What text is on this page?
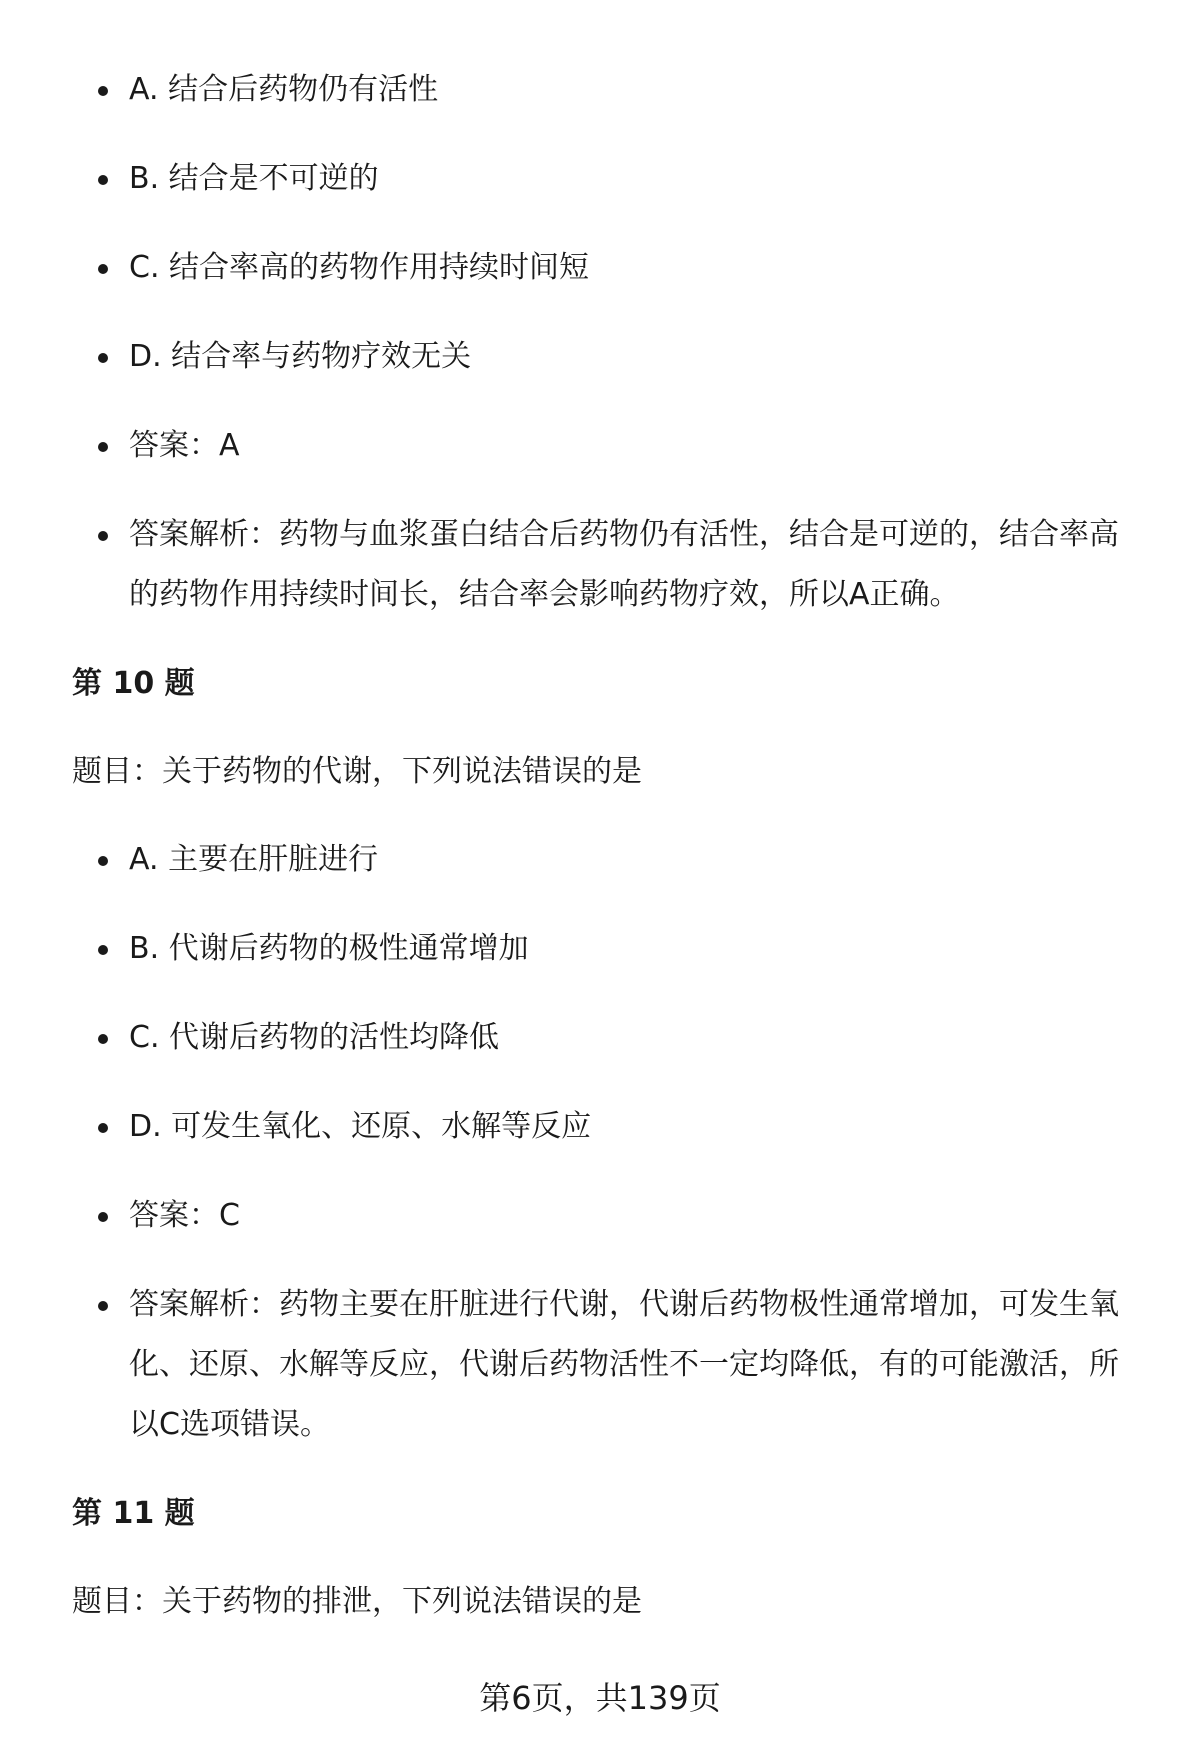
A. 结合后药物仍有活性
B. 结合是不可逆的
C. 结合率高的药物作用持续时间短
D. 结合率与药物疗效无关
答案：A
答案解析：药物与血浆蛋白结合后药物仍有活性，结合是可逆的，结合率高的药物作用持续时间长，结合率会影响药物疗效，所以A正确。
第 10 题
题目：关于药物的代谢，下列说法错误的是
A. 主要在肝脏进行
B. 代谢后药物的极性通常增加
C. 代谢后药物的活性均降低
D. 可发生氧化、还原、水解等反应
答案：C
答案解析：药物主要在肝脏进行代谢，代谢后药物极性通常增加，可发生氧化、还原、水解等反应，代谢后药物活性不一定均降低，有的可能激活，所以C选项错误。
第 11 题
题目：关于药物的排泄，下列说法错误的是
第6页，共139页
